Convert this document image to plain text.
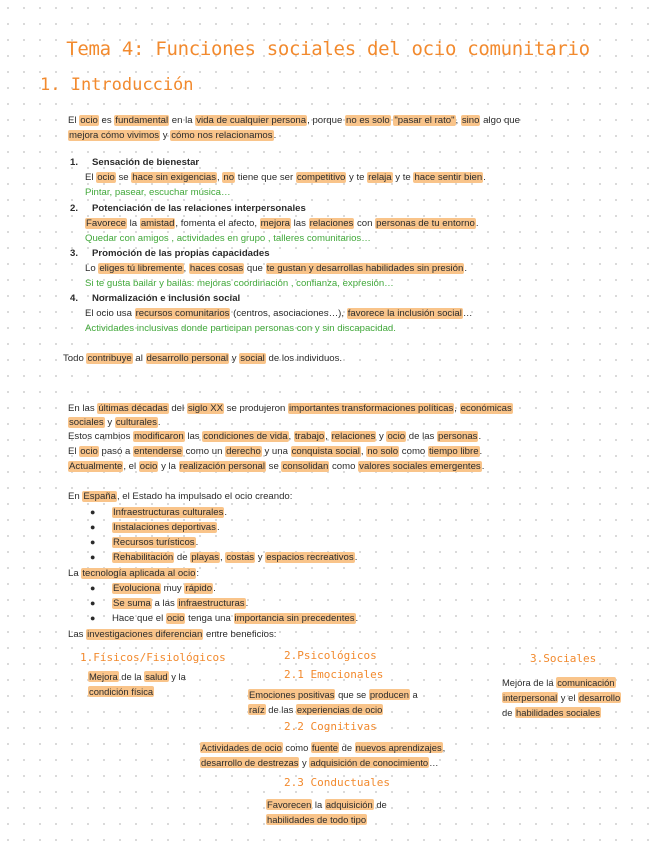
Tema 4: Funciones sociales del ocio comunitario
1. Introducción
El ocio es fundamental en la vida de cualquier persona, porque no es solo "pasar el rato", sino algo que
mejora cómo vivimos y cómo nos relacionamos.
1. Sensación de bienestar
El ocio se hace sin exigencias, no tiene que ser competitivo y te relaja y te hace sentir bien.
Pintar, pasear, escuchar música…
2. Potenciación de las relaciones interpersonales
Favorece la amistad, fomenta el afecto, mejora las relaciones con personas de tu entorno.
Quedar con amigos , actividades en grupo , talleres comunitarios…
3. Promoción de las propias capacidades
Lo eliges tú libremente, haces cosas que te gustan y desarrollas habilidades sin presión.
Si te gusta bailar y bailas: mejoras coordinación , confianza, expresión…
4. Normalización e inclusión social
El ocio usa recursos comunitarios (centros, asociaciones…), favorece la inclusión social…
Actividades inclusivas donde participan personas con y sin discapacidad.
Todo contribuye al desarrollo personal y social de los individuos.
En las últimas décadas del siglo XX se produjeron importantes transformaciones políticas, económicas
sociales y culturales.
Estos cambios modificaron las condiciones de vida, trabajo, relaciones y ocio de las personas.
El ocio pasó a entenderse como un derecho y una conquista social, no solo como tiempo libre.
Actualmente, el ocio y la realización personal se consolidan como valores sociales emergentes.
En España, el Estado ha impulsado el ocio creando:
● Infraestructuras culturales.
● Instalaciones deportivas.
● Recursos turísticos.
● Rehabilitación de playas, costas y espacios recreativos.
La tecnología aplicada al ocio:
● Evoluciona muy rápido.
● Se suma a las infraestructuras.
● Hace que el ocio tenga una importancia sin precedentes.
Las investigaciones diferencian entre beneficios:
1.Físicos/Fisiológicos
Mejora de la salud y la
condición física
2.Psicológicos
2.1 Emocionales
Emociones positivas que se producen a
raíz de las experiencias de ocio
2.2 Cognitivas
Actividades de ocio como fuente de nuevos aprendizajes,
desarrollo de destrezas y adquisición de conocimiento…
2.3 Conductuales
Favorecen la adquisición de
habilidades de todo tipo
3.Sociales
Mejora de la comunicación
interpersonal y el desarrollo
de habilidades sociales
